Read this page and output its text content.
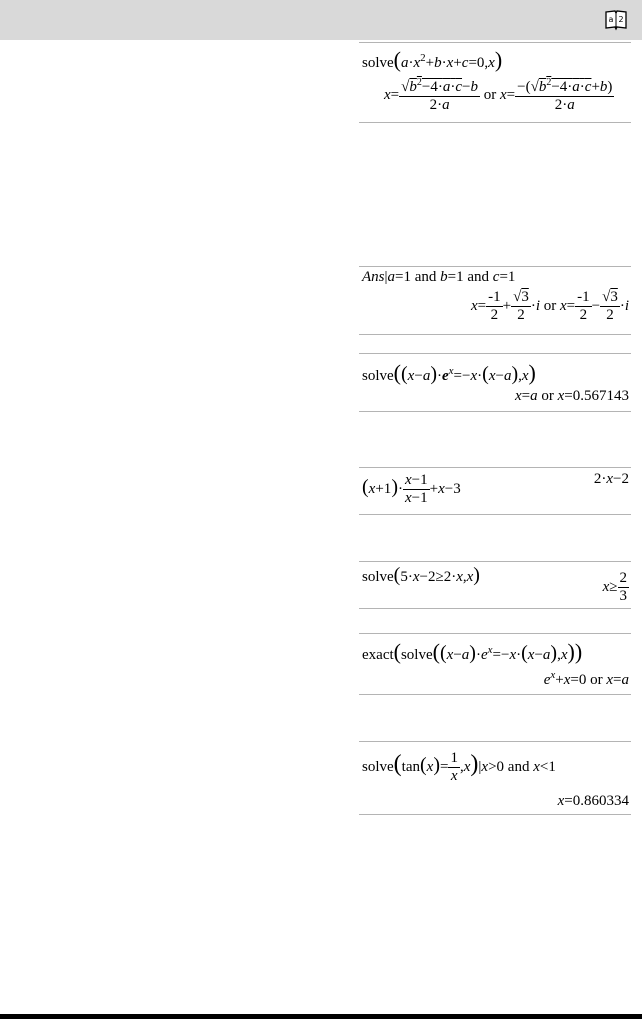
a 2
$solve(a\cdot x^2+b\cdot x+c=0,x)$
$x= \frac{√b^2-4\cdot a\cdot c-b}{2\cdot a}$ or $x= \frac{-(√b^2-4\cdot a\cdot c+b)}{2\cdot a}$
Ans|a=1 and b=1 and c=1
$x= \frac{-1}{2} + \frac{√3}{2} \cdot i$ or $x= \frac{-1}{2} - \frac{√3}{2} \cdot i$
$solve((x-a)\cdot e^x=-x\cdot(x-a),x)$
x=a or x=0.567143
$(x+1)\cdot \frac{x-1}{x-1} +x-3$
2·x−2
solve(5·x−2≥2·x,x)
$x\ge \frac{2}{3}$
$exact(solve((x-a)\cdot e^x=-x\cdot(x-a),x))$
$e^x+x=0$ or x=a
solve(tan(x)= $\frac{1}{x} ,x)|x>0$ and x<1
x=0.860334
